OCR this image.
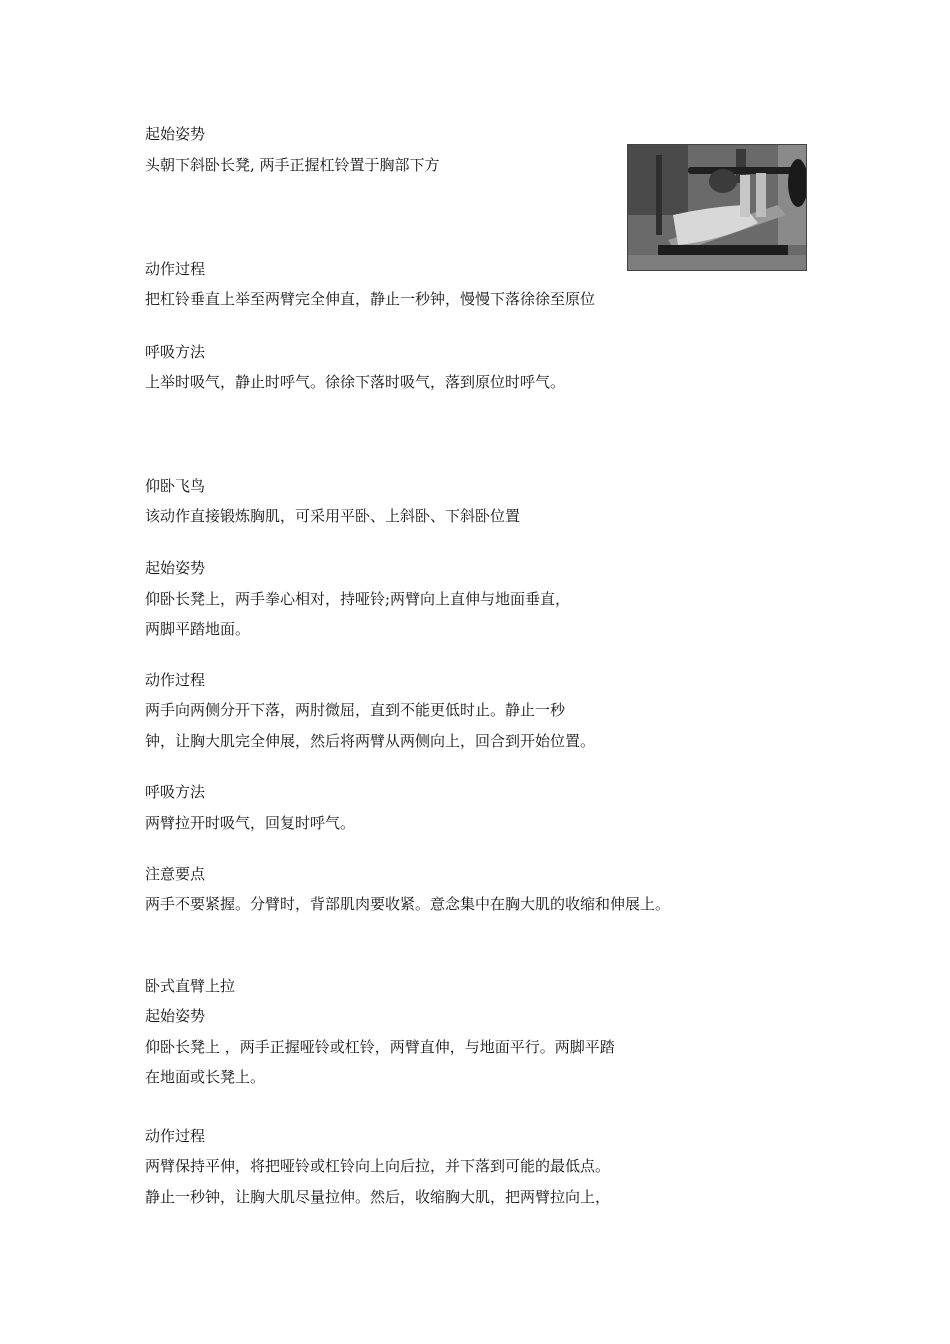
起始姿势
头朝下斜卧长凳, 两手正握杠铃置于胸部下方
动作过程
把杠铃垂直上举至两臂完全伸直，静止一秒钟，慢慢下落徐徐至原位
呼吸方法
上举时吸气，静止时呼气。徐徐下落时吸气，落到原位时呼气。
仰卧飞鸟
该动作直接锻炼胸肌，可采用平卧、上斜卧、下斜卧位置
起始姿势
仰卧长凳上，两手拳心相对，持哑铃;两臂向上直伸与地面垂直，
两脚平踏地面。
动作过程
两手向两侧分开下落，两肘微屈，直到不能更低时止。静止一秒
钟，让胸大肌完全伸展，然后将两臂从两侧向上，回合到开始位置。
呼吸方法
两臂拉开时吸气，回复时呼气。
注意要点
两手不要紧握。分臂时，背部肌肉要收紧。意念集中在胸大肌的收缩和伸展上。
卧式直臂上拉
起始姿势
仰卧长凳上 ，两手正握哑铃或杠铃，两臂直伸，与地面平行。两脚平踏
在地面或长凳上。
动作过程
两臂保持平伸，将把哑铃或杠铃向上向后拉，并下落到可能的最低点。
静止一秒钟，让胸大肌尽量拉伸。然后，收缩胸大肌，把两臂拉向上，
